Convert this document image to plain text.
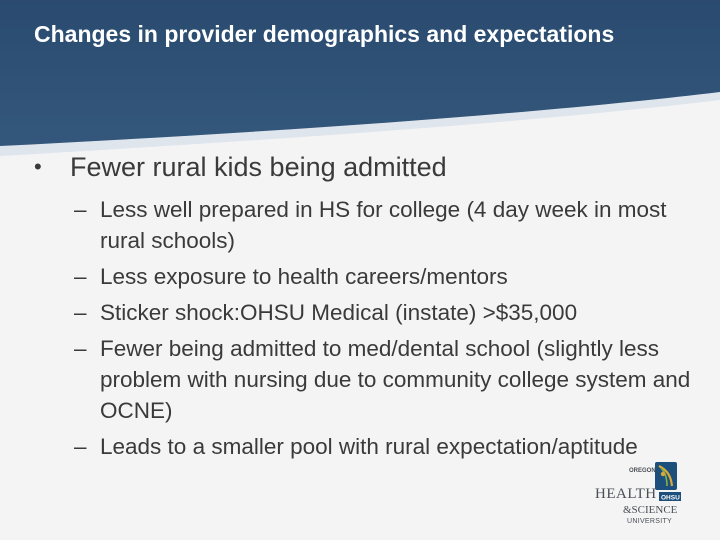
Changes in provider demographics and expectations
• Fewer rural kids being admitted
– Less well prepared in HS for college (4 day week in most rural schools)
– Less exposure to health careers/mentors
– Sticker shock:OHSU Medical (instate) >$35,000
– Fewer being admitted to med/dental school (slightly less problem with nursing due to community college system and OCNE)
– Leads to a smaller pool with rural expectation/aptitude
OREGON
HEALTH OHSU
&SCIENCE
UNIVERSITY
